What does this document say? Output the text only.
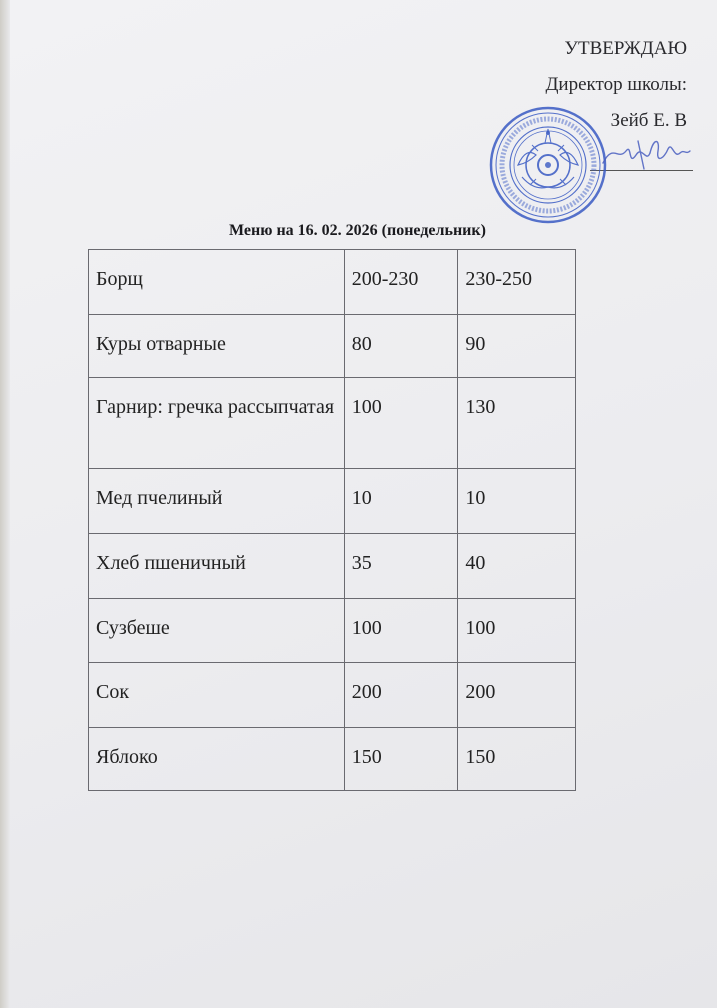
УТВЕРЖДАЮ
Директор школы:
Зейб Е. В
Меню на 16. 02. 2026 (понедельник)
Борщ	200-230	230-250
Куры отварные	80	90
Гарнир: гречка рассыпчатая	100	130
Мед пчелиный	10	10
Хлеб пшеничный	35	40
Сузбеше	100	100
Сок	200	200
Яблоко	150	150
